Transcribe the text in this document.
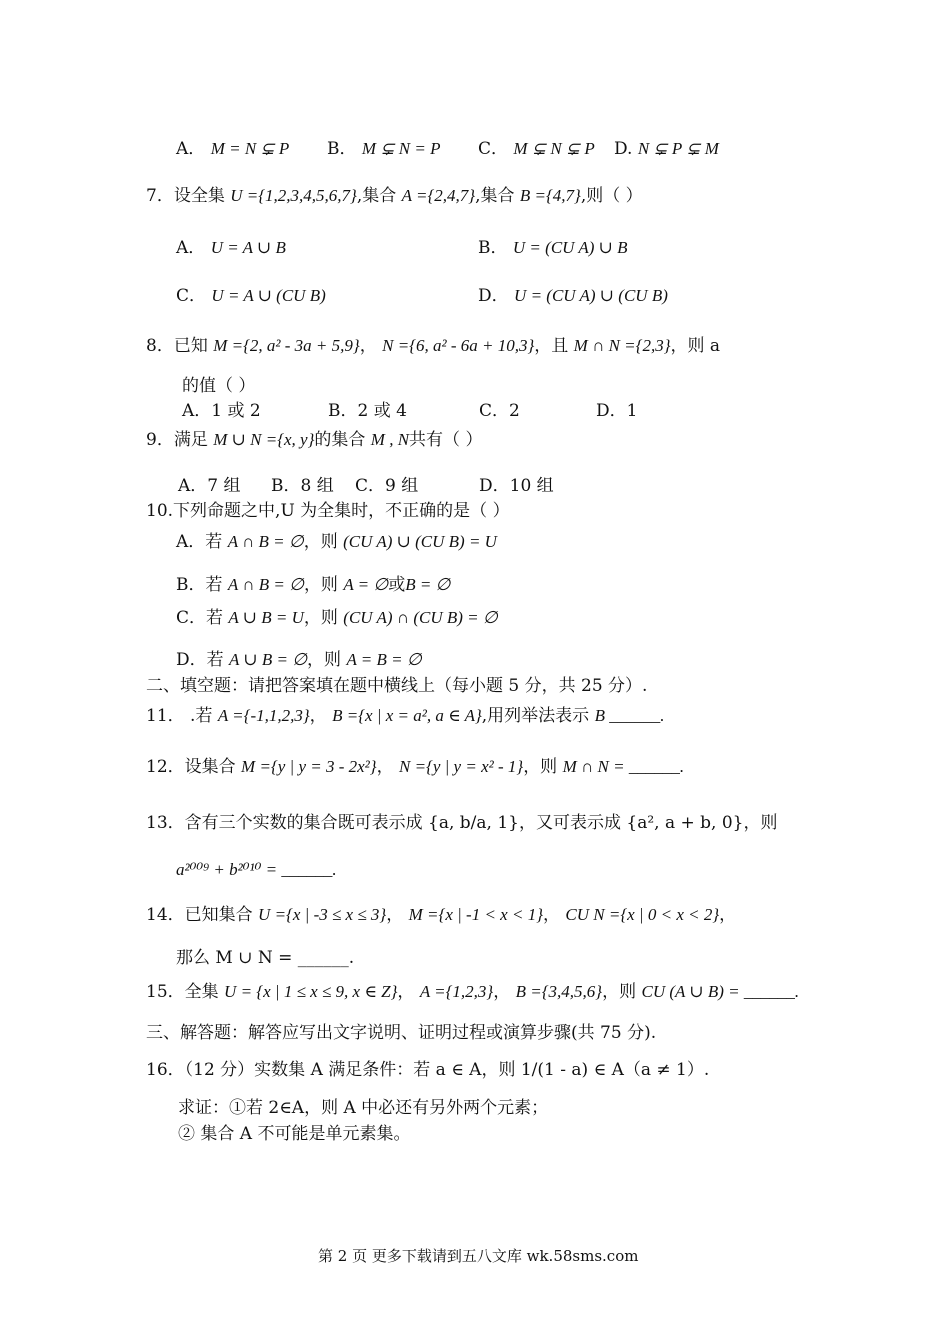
A． M = N ⊊ P B． M ⊊ N = P C． M ⊊ N ⊊ P D. N ⊊ P ⊊ M
7．设全集 U ={1,2,3,4,5,6,7},集合 A ={2,4,7},集合 B ={4,7},则（ ）
A． U = A ∪ B	B． U = (CU A) ∪ B
C． U = A ∪ (CU B)	D． U = (CU A) ∪ (CU B)
8．已知 M ={2, a² - 3a + 5,9}， N ={6, a² - 6a + 10,3}，且 M ∩ N ={2,3}，则 a
的值（ ）
A．1 或 2	B．2 或 4	C．2	D．1
9．满足 M ∪ N ={x, y}的集合 M , N共有（ ）
A．7 组 B．8 组 C．9 组	D．10 组
10.下列命题之中,U 为全集时，不正确的是（ ）
A．若 A ∩ B = ∅，则 (CU A) ∪ (CU B) = U
B．若 A ∩ B = ∅，则 A = ∅或B = ∅
C．若 A ∪ B = U，则 (CU A) ∩ (CU B) = ∅
D．若 A ∪ B = ∅，则 A = B = ∅
二、填空题：请把答案填在题中横线上（每小题 5 分，共 25 分）.
11． .若 A ={-1,1,2,3}， B ={x | x = a², a ∈ A},用列举法表示 B ______.
12．设集合 M ={y | y = 3 - 2x²}， N ={y | y = x² - 1}，则 M ∩ N = ______.
13．含有三个实数的集合既可表示成 {a, b/a, 1}，又可表示成 {a², a + b, 0}，则
a²⁰⁰⁹ + b²⁰¹⁰ = ______.
14．已知集合 U ={x | -3 ≤ x ≤ 3}， M ={x | -1 < x < 1}， CU N ={x | 0 < x < 2}，
那么 M ∪ N = ______.
15．全集 U = {x | 1 ≤ x ≤ 9, x ∈ Z}， A ={1,2,3}， B ={3,4,5,6}，则 CU (A ∪ B) = ______.
三、解答题：解答应写出文字说明、证明过程或演算步骤(共 75 分).
16．（12 分）实数集 A 满足条件：若 a ∈ A，则 1/(1 - a) ∈ A（a ≠ 1）.
求证：①若 2∈A，则 A 中必还有另外两个元素；
② 集合 A 不可能是单元素集。
第 2 页 更多下载请到五八文库 wk.58sms.com
